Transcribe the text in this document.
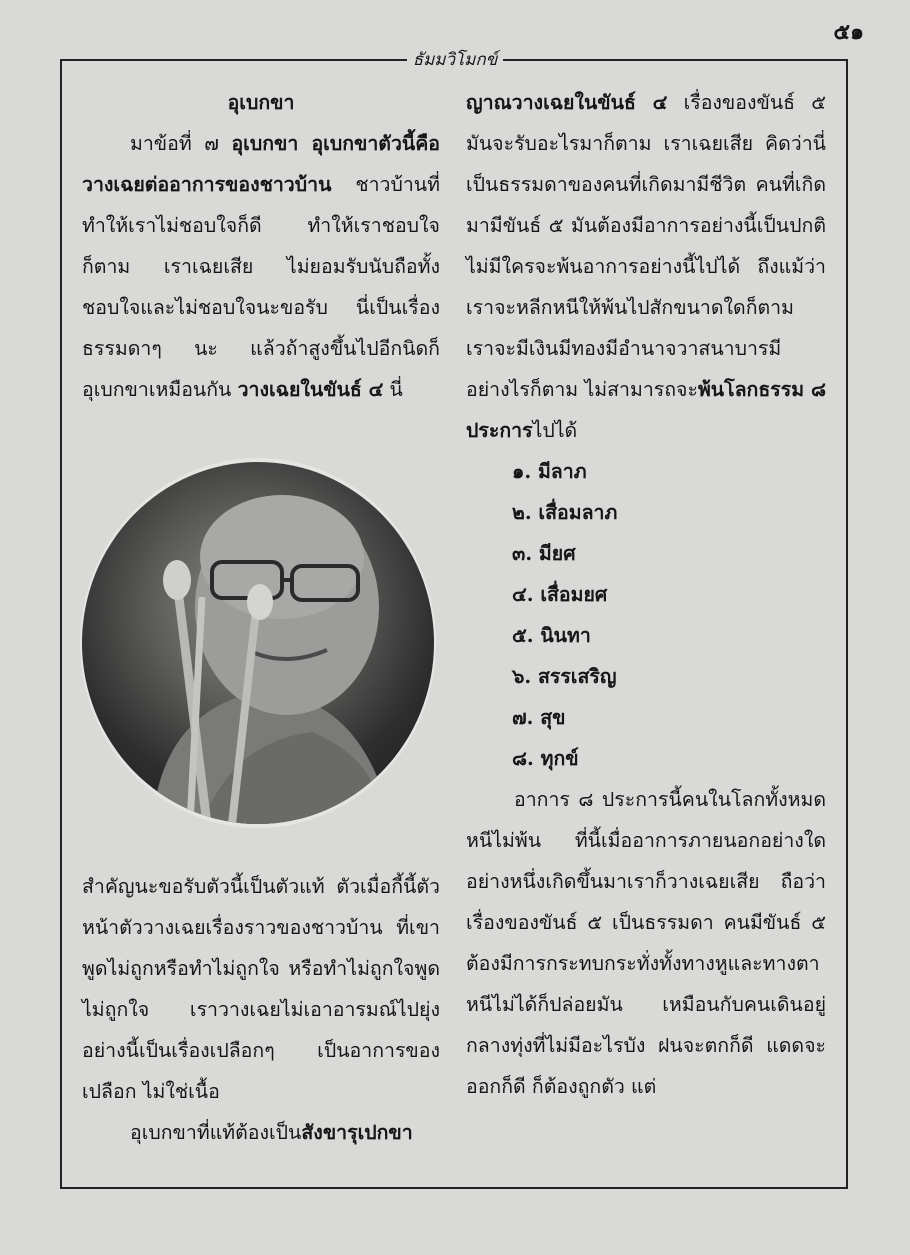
๕๑
ธัมมวิโมกข์

อุเบกขา

มาข้อที่ ๗ อุเบกขา อุเบกขาตัวนี้คือวางเฉยต่ออาการของชาวบ้าน ชาวบ้านที่ทำให้เราไม่ชอบใจก็ดี ทำให้เราชอบใจก็ตาม เราเฉยเสีย ไม่ยอมรับนับถือทั้งชอบใจและไม่ชอบใจนะขอรับ นี่เป็นเรื่องธรรมดาๆ นะ แล้วถ้าสูงขึ้นไปอีกนิดก็อุเบกขาเหมือนกัน วางเฉยในขันธ์ ๔ นี่

สำคัญนะขอรับตัวนี้เป็นตัวแท้ ตัวเมื่อกี้นี้ตัวหน้าตัววางเฉยเรื่องราวของชาวบ้าน ที่เขาพูดไม่ถูกหรือทำไม่ถูกใจ หรือทำไม่ถูกใจพูดไม่ถูกใจ เราวางเฉยไม่เอาอารมณ์ไปยุ่ง อย่างนี้เป็นเรื่องเปลือกๆ เป็นอาการของเปลือก ไม่ใช่เนื้อ

อุเบกขาที่แท้ต้องเป็นสังขารุเปกขา

ญาณวางเฉยในขันธ์ ๔ เรื่องของขันธ์ ๕ มันจะรับอะไรมาก็ตาม เราเฉยเสีย คิดว่านี่เป็นธรรมดาของคนที่เกิดมามีชีวิต คนที่เกิดมามีขันธ์ ๕ มันต้องมีอาการอย่างนี้เป็นปกติ ไม่มีใครจะพ้นอาการอย่างนี้ไปได้ ถึงแม้ว่าเราจะหลีกหนีให้พ้นไปสักขนาดใดก็ตาม เราจะมีเงินมีทองมีอำนาจวาสนาบารมีอย่างไรก็ตาม ไม่สามารถจะพ้นโลกธรรม ๘ ประการไปได้

๑. มีลาภ
๒. เสื่อมลาภ
๓. มียศ
๔. เสื่อมยศ
๕. นินทา
๖. สรรเสริญ
๗. สุข
๘. ทุกข์

อาการ ๘ ประการนี้คนในโลกทั้งหมดหนีไม่พ้น ที่นี้เมื่ออาการภายนอกอย่างใดอย่างหนึ่งเกิดขึ้นมาเราก็วางเฉยเสีย ถือว่าเรื่องของขันธ์ ๕ เป็นธรรมดา คนมีขันธ์ ๕ ต้องมีการกระทบกระทั่งทั้งทางหูและทางตา หนีไม่ได้ก็ปล่อยมัน เหมือนกับคนเดินอยู่กลางทุ่งที่ไม่มีอะไรบัง ฝนจะตกก็ดี แดดจะออกก็ดี ก็ต้องถูกตัว แต่
